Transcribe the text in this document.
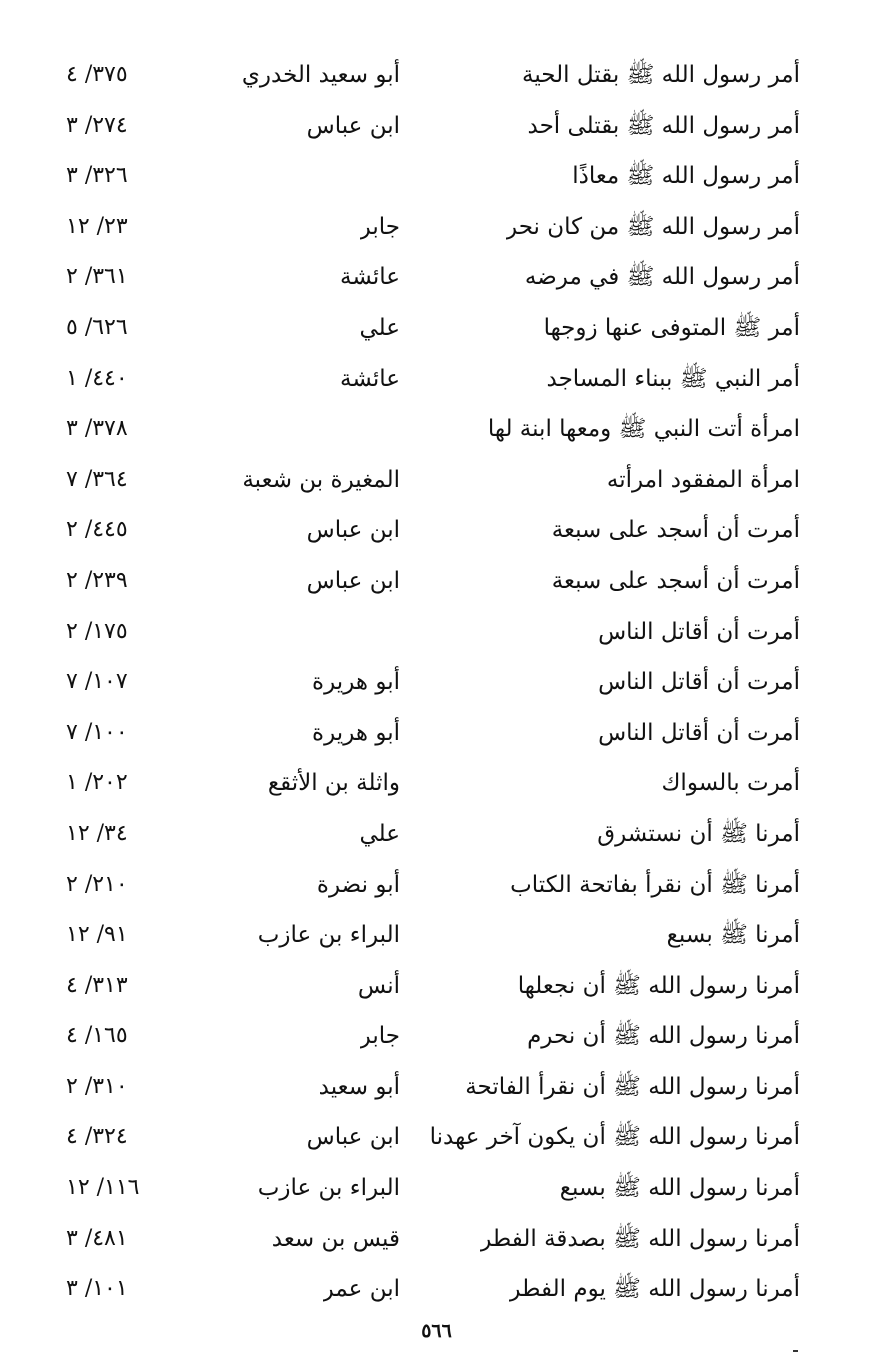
أمر رسول الله ﷺ بقتل الحية
أبو سعيد الخدري
٣٧٥/ ٤
أمر رسول الله ﷺ بقتلى أحد
ابن عباس
٢٧٤/ ٣
أمر رسول الله ﷺ معاذًا
٣٢٦/ ٣
أمر رسول الله ﷺ من كان نحر
جابر
٢٣/ ١٢
أمر رسول الله ﷺ في مرضه
عائشة
٣٦١/ ٢
أمر ﷺ المتوفى عنها زوجها
علي
٦٢٦/ ٥
أمر النبي ﷺ ببناء المساجد
عائشة
٤٤٠/ ١
امرأة أتت النبي ﷺ ومعها ابنة لها
٣٧٨/ ٣
امرأة المفقود امرأته
المغيرة بن شعبة
٣٦٤/ ٧
أمرت أن أسجد على سبعة
ابن عباس
٤٤٥/ ٢
أمرت أن أسجد على سبعة
ابن عباس
٢٣٩/ ٢
أمرت أن أقاتل الناس
١٧٥/ ٢
أمرت أن أقاتل الناس
أبو هريرة
١٠٧/ ٧
أمرت أن أقاتل الناس
أبو هريرة
١٠٠/ ٧
أمرت بالسواك
واثلة بن الأثقع
٢٠٢/ ١
أمرنا ﷺ أن نستشرق
علي
٣٤/ ١٢
أمرنا ﷺ أن نقرأ بفاتحة الكتاب
أبو نضرة
٢١٠/ ٢
أمرنا ﷺ بسبع
البراء بن عازب
٩١/ ١٢
أمرنا رسول الله ﷺ أن نجعلها
أنس
٣١٣/ ٤
أمرنا رسول الله ﷺ أن نحرم
جابر
١٦٥/ ٤
أمرنا رسول الله ﷺ أن نقرأ الفاتحة
أبو سعيد
٣١٠/ ٢
أمرنا رسول الله ﷺ أن يكون آخر عهدنا
ابن عباس
٣٢٤/ ٤
أمرنا رسول الله ﷺ بسبع
البراء بن عازب
١١٦/ ١٢
أمرنا رسول الله ﷺ بصدقة الفطر
قيس بن سعد
٤٨١/ ٣
أمرنا رسول الله ﷺ يوم الفطر
ابن عمر
١٠١/ ٣
٥٦٦
